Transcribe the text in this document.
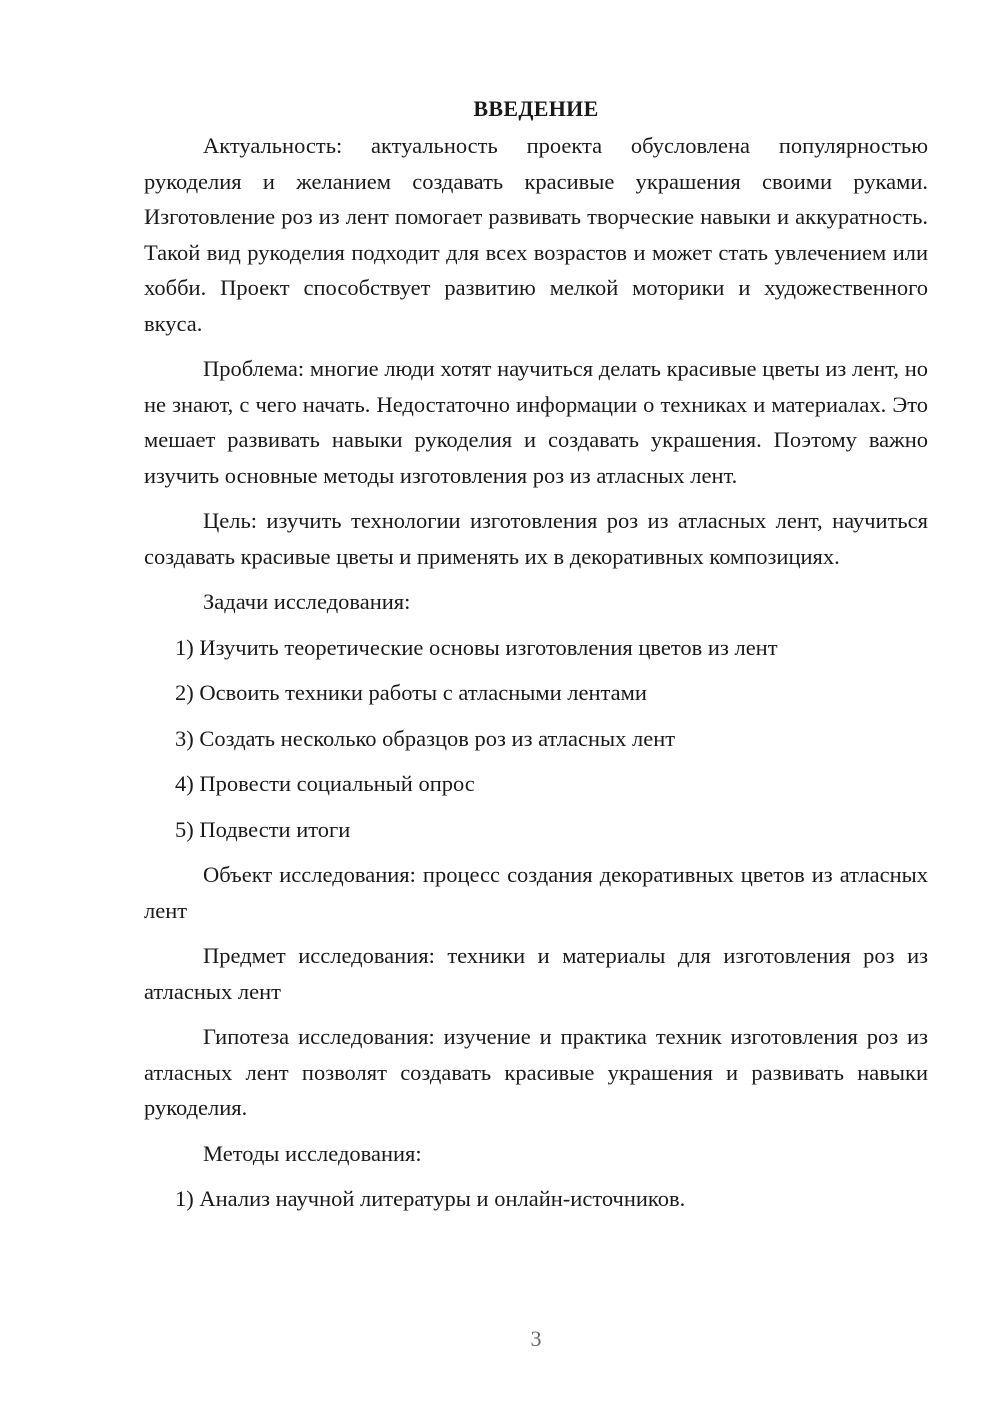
ВВЕДЕНИЕ

Актуальность: актуальность проекта обусловлена популярностью рукоделия и желанием создавать красивые украшения своими руками. Изготовление роз из лент помогает развивать творческие навыки и аккуратность. Такой вид рукоделия подходит для всех возрастов и может стать увлечением или хобби. Проект способствует развитию мелкой моторики и художественного вкуса.

Проблема: многие люди хотят научиться делать красивые цветы из лент, но не знают, с чего начать. Недостаточно информации о техниках и материалах. Это мешает развивать навыки рукоделия и создавать украшения. Поэтому важно изучить основные методы изготовления роз из атласных лент.

Цель: изучить технологии изготовления роз из атласных лент, научиться создавать красивые цветы и применять их в декоративных композициях.

Задачи исследования:

1) Изучить теоретические основы изготовления цветов из лент
2) Освоить техники работы с атласными лентами
3) Создать несколько образцов роз из атласных лент
4) Провести социальный опрос
5) Подвести итоги

Объект исследования: процесс создания декоративных цветов из атласных лент

Предмет исследования: техники и материалы для изготовления роз из атласных лент

Гипотеза исследования: изучение и практика техник изготовления роз из атласных лент позволят создавать красивые украшения и развивать навыки рукоделия.

Методы исследования:

1) Анализ научной литературы и онлайн-источников.
3
